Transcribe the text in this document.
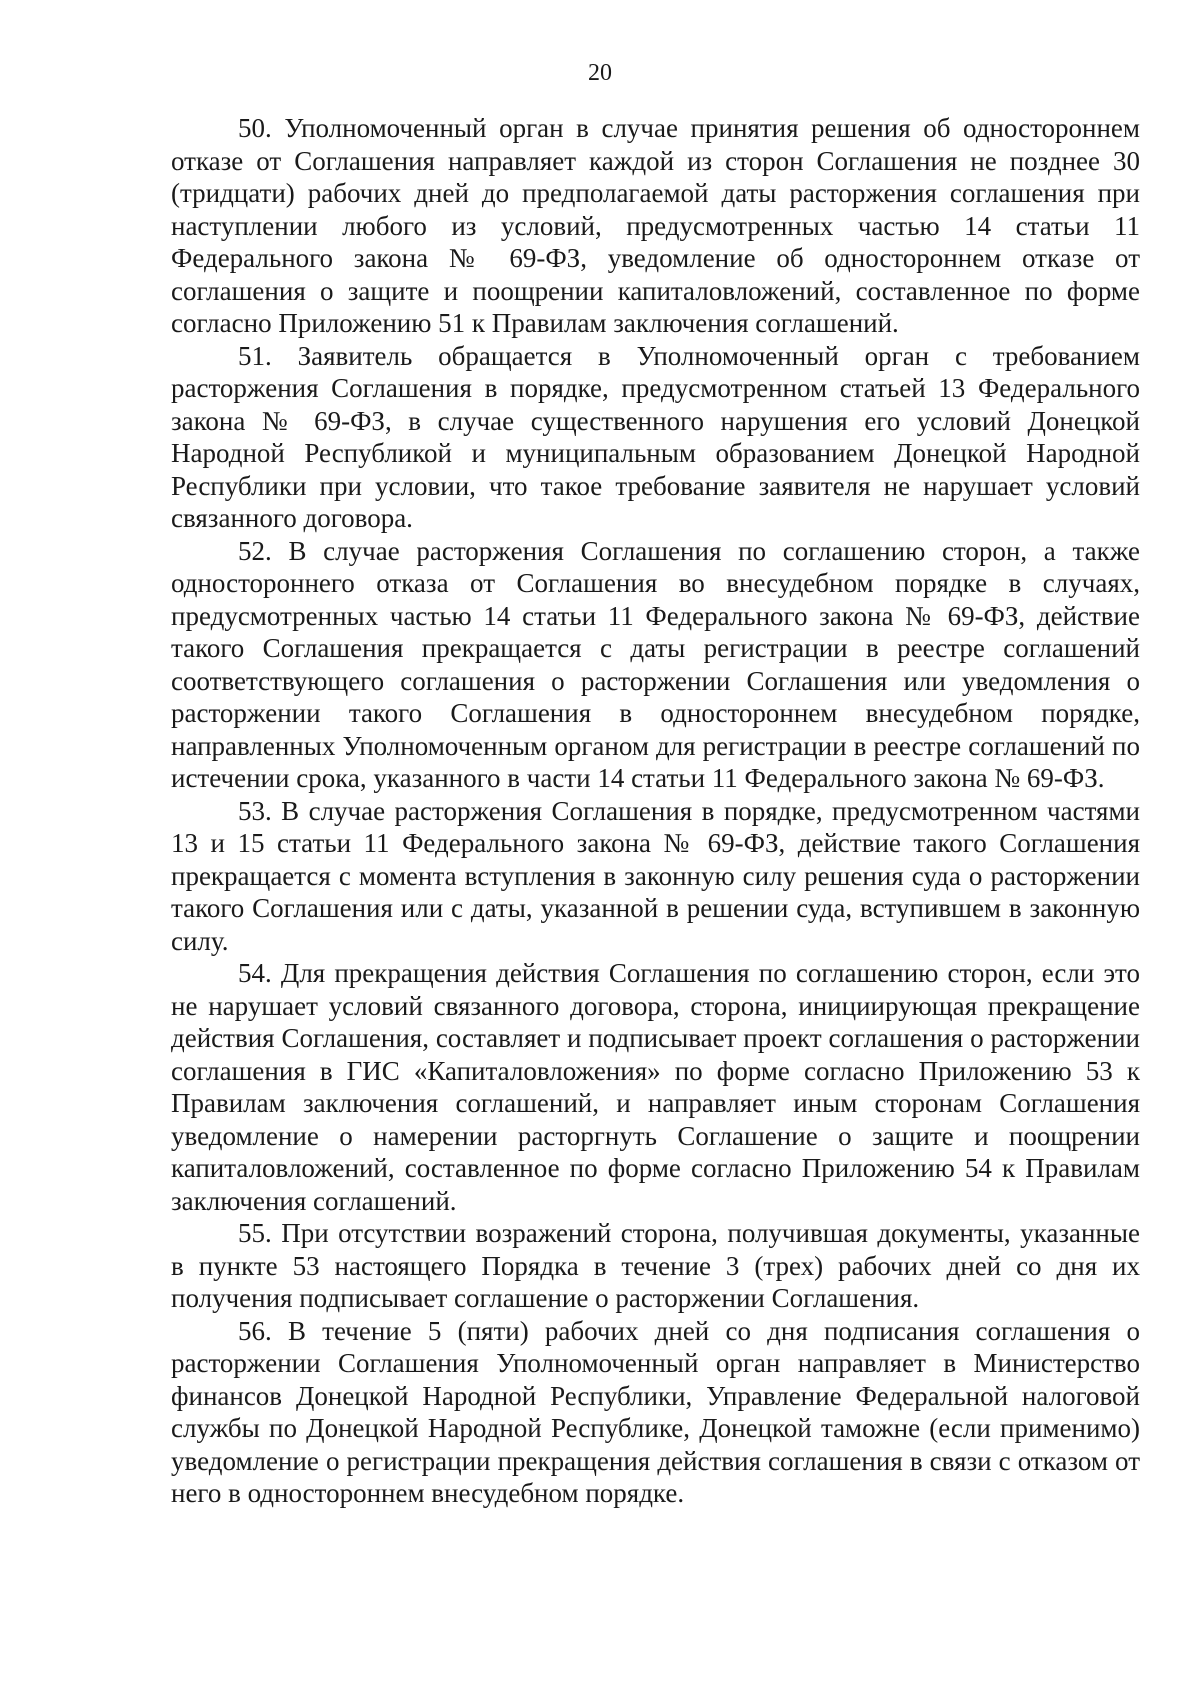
20

50. Уполномоченный орган в случае принятия решения об одностороннем отказе от Соглашения направляет каждой из сторон Соглашения не позднее 30 (тридцати) рабочих дней до предполагаемой даты расторжения соглашения при наступлении любого из условий, предусмотренных частью 14 статьи 11 Федерального закона № 69-ФЗ, уведомление об одностороннем отказе от соглашения о защите и поощрении капиталовложений, составленное по форме согласно Приложению 51 к Правилам заключения соглашений.

51. Заявитель обращается в Уполномоченный орган с требованием расторжения Соглашения в порядке, предусмотренном статьей 13 Федерального закона № 69-ФЗ, в случае существенного нарушения его условий Донецкой Народной Республикой и муниципальным образованием Донецкой Народной Республики при условии, что такое требование заявителя не нарушает условий связанного договора.

52. В случае расторжения Соглашения по соглашению сторон, а также одностороннего отказа от Соглашения во внесудебном порядке в случаях, предусмотренных частью 14 статьи 11 Федерального закона № 69-ФЗ, действие такого Соглашения прекращается с даты регистрации в реестре соглашений соответствующего соглашения о расторжении Соглашения или уведомления о расторжении такого Соглашения в одностороннем внесудебном порядке, направленных Уполномоченным органом для регистрации в реестре соглашений по истечении срока, указанного в части 14 статьи 11 Федерального закона № 69-ФЗ.

53. В случае расторжения Соглашения в порядке, предусмотренном частями 13 и 15 статьи 11 Федерального закона № 69-ФЗ, действие такого Соглашения прекращается с момента вступления в законную силу решения суда о расторжении такого Соглашения или с даты, указанной в решении суда, вступившем в законную силу.

54. Для прекращения действия Соглашения по соглашению сторон, если это не нарушает условий связанного договора, сторона, инициирующая прекращение действия Соглашения, составляет и подписывает проект соглашения о расторжении соглашения в ГИС «Капиталовложения» по форме согласно Приложению 53 к Правилам заключения соглашений, и направляет иным сторонам Соглашения уведомление о намерении расторгнуть Соглашение о защите и поощрении капиталовложений, составленное по форме согласно Приложению 54 к Правилам заключения соглашений.

55. При отсутствии возражений сторона, получившая документы, указанные в пункте 53 настоящего Порядка в течение 3 (трех) рабочих дней со дня их получения подписывает соглашение о расторжении Соглашения.

56. В течение 5 (пяти) рабочих дней со дня подписания соглашения о расторжении Соглашения Уполномоченный орган направляет в Министерство финансов Донецкой Народной Республики, Управление Федеральной налоговой службы по Донецкой Народной Республике, Донецкой таможне (если применимо) уведомление о регистрации прекращения действия соглашения в связи с отказом от него в одностороннем внесудебном порядке.
